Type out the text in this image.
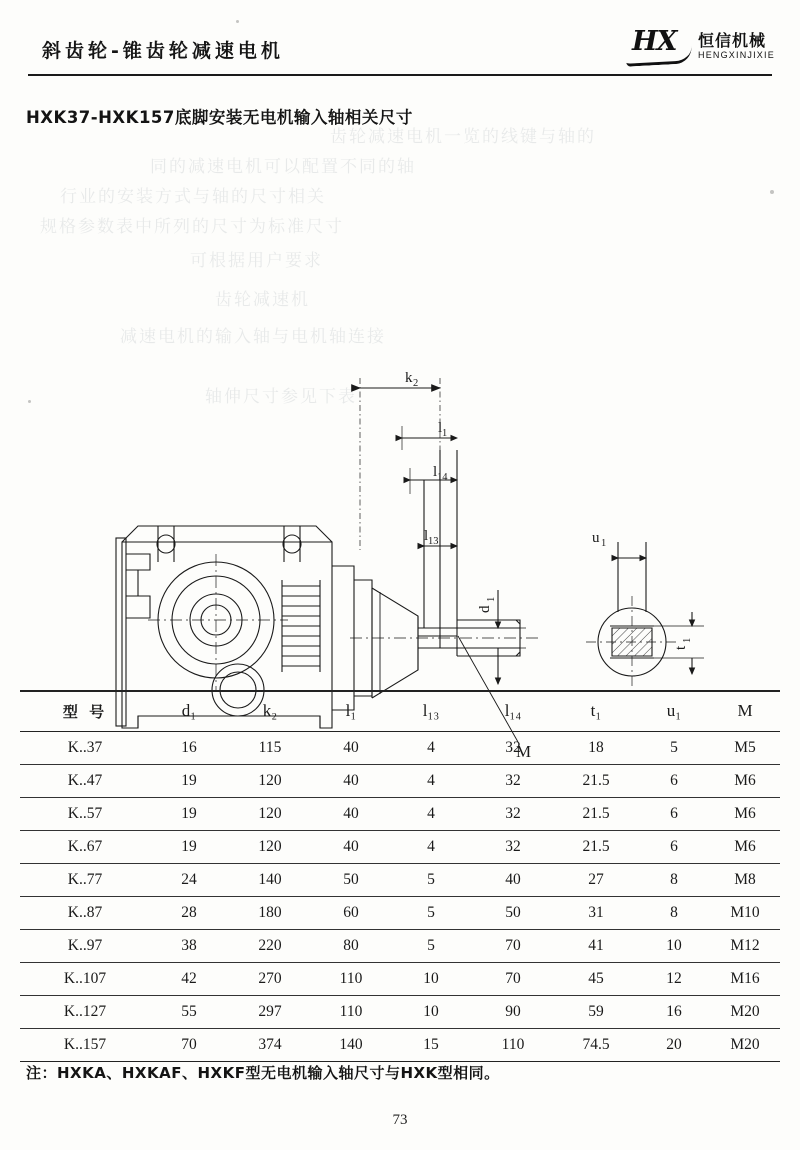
齿轮减速电机一览的线键与轴的
同的减速电机可以配置不同的轴
行业的安装方式与轴的尺寸相关
规格参数表中所列的尺寸为标准尺寸
可根据用户要求
齿轮减速机
减速电机的输入轴与电机轴连接
轴伸尺寸参见下表
斜齿轮-锥齿轮减速电机	HX 恒信机械
HENGXINJIXIE
HXK37-HXK157底脚安装无电机输入轴相关尺寸
k 2
l 1
l 14
l 13
d
1
u 1
t
1
M
型 号	d₁	k₂	l₁	l₁₃	l₁₄	t₁	u₁	M
K..37	16	115	40	4	32	18	5	M5
K..47	19	120	40	4	32	21.5	6	M6
K..57	19	120	40	4	32	21.5	6	M6
K..67	19	120	40	4	32	21.5	6	M6
K..77	24	140	50	5	40	27	8	M8
K..87	28	180	60	5	50	31	8	M10
K..97	38	220	80	5	70	41	10	M12
K..107	42	270	110	10	70	45	12	M16
K..127	55	297	110	10	90	59	16	M20
K..157	70	374	140	15	110	74.5	20	M20
注：HXKA、HXKAF、HXKF型无电机输入轴尺寸与HXK型相同。
73
